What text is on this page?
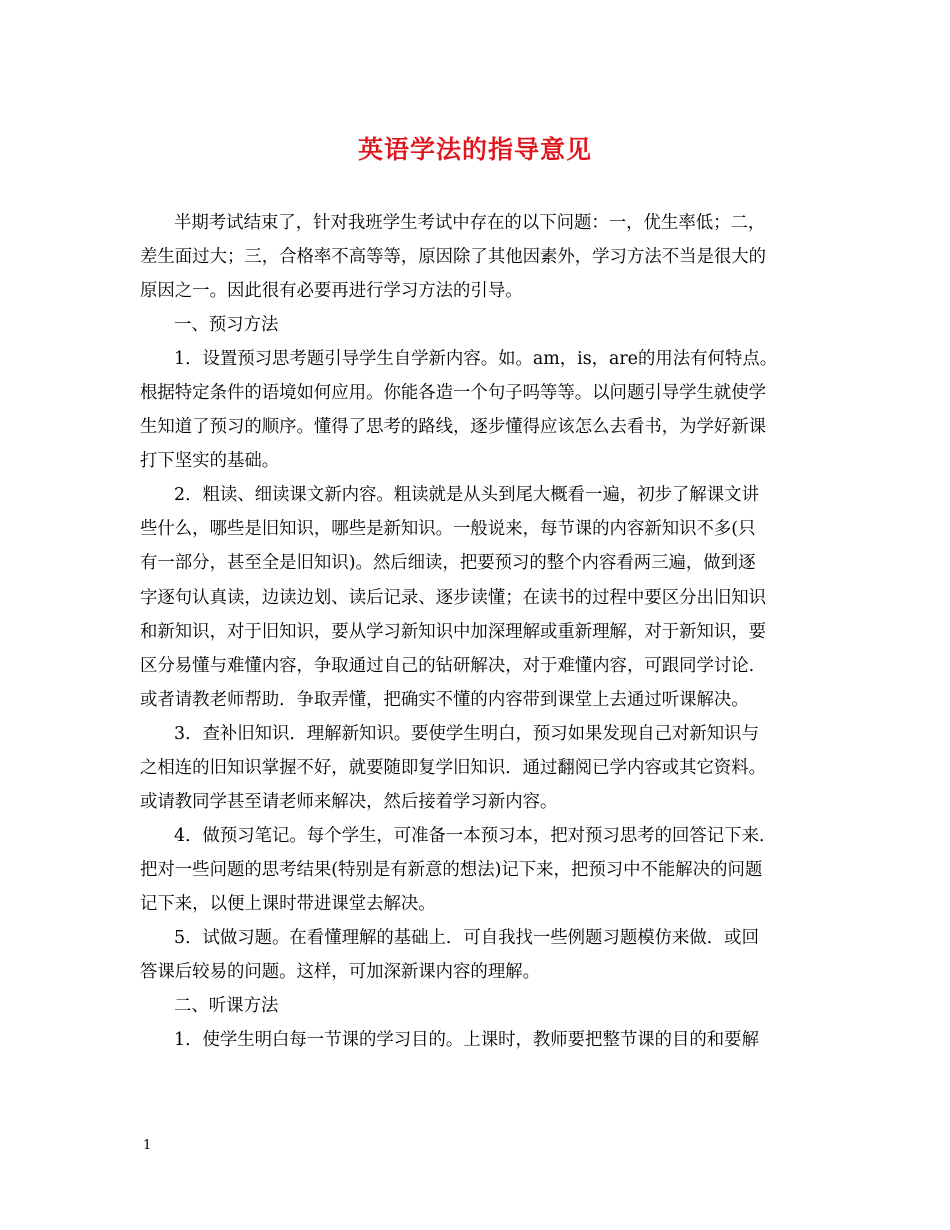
英语学法的指导意见
半期考试结束了，针对我班学生考试中存在的以下问题：一，优生率低；二，
差生面过大；三，合格率不高等等，原因除了其他因素外，学习方法不当是很大的
原因之一。因此很有必要再进行学习方法的引导。
一、预习方法
1．设置预习思考题引导学生自学新内容。如。am，is，are的用法有何特点。
根据特定条件的语境如何应用。你能各造一个句子吗等等。以问题引导学生就使学
生知道了预习的顺序。懂得了思考的路线，逐步懂得应该怎么去看书，为学好新课
打下坚实的基础。
2．粗读、细读课文新内容。粗读就是从头到尾大概看一遍，初步了解课文讲
些什么，哪些是旧知识，哪些是新知识。一般说来，每节课的内容新知识不多(只
有一部分，甚至全是旧知识)。然后细读，把要预习的整个内容看两三遍，做到逐
字逐句认真读，边读边划、读后记录、逐步读懂；在读书的过程中要区分出旧知识
和新知识，对于旧知识，要从学习新知识中加深理解或重新理解，对于新知识，要
区分易懂与难懂内容，争取通过自己的钻研解决，对于难懂内容，可跟同学讨论.
或者请教老师帮助．争取弄懂，把确实不懂的内容带到课堂上去通过听课解决。
3．查补旧知识．理解新知识。要使学生明白，预习如果发现自己对新知识与
之相连的旧知识掌握不好，就要随即复学旧知识．通过翻阅已学内容或其它资料。
或请教同学甚至请老师来解决，然后接着学习新内容。
4．做预习笔记。每个学生，可准备一本预习本，把对预习思考的回答记下来．
把对一些问题的思考结果(特别是有新意的想法)记下来，把预习中不能解决的问题
记下来，以便上课时带进课堂去解决。
5．试做习题。在看懂理解的基础上．可自我找一些例题习题模仿来做．或回
答课后较易的问题。这样，可加深新课内容的理解。
二、听课方法
1．使学生明白每一节课的学习目的。上课时，教师要把整节课的目的和要解
1
